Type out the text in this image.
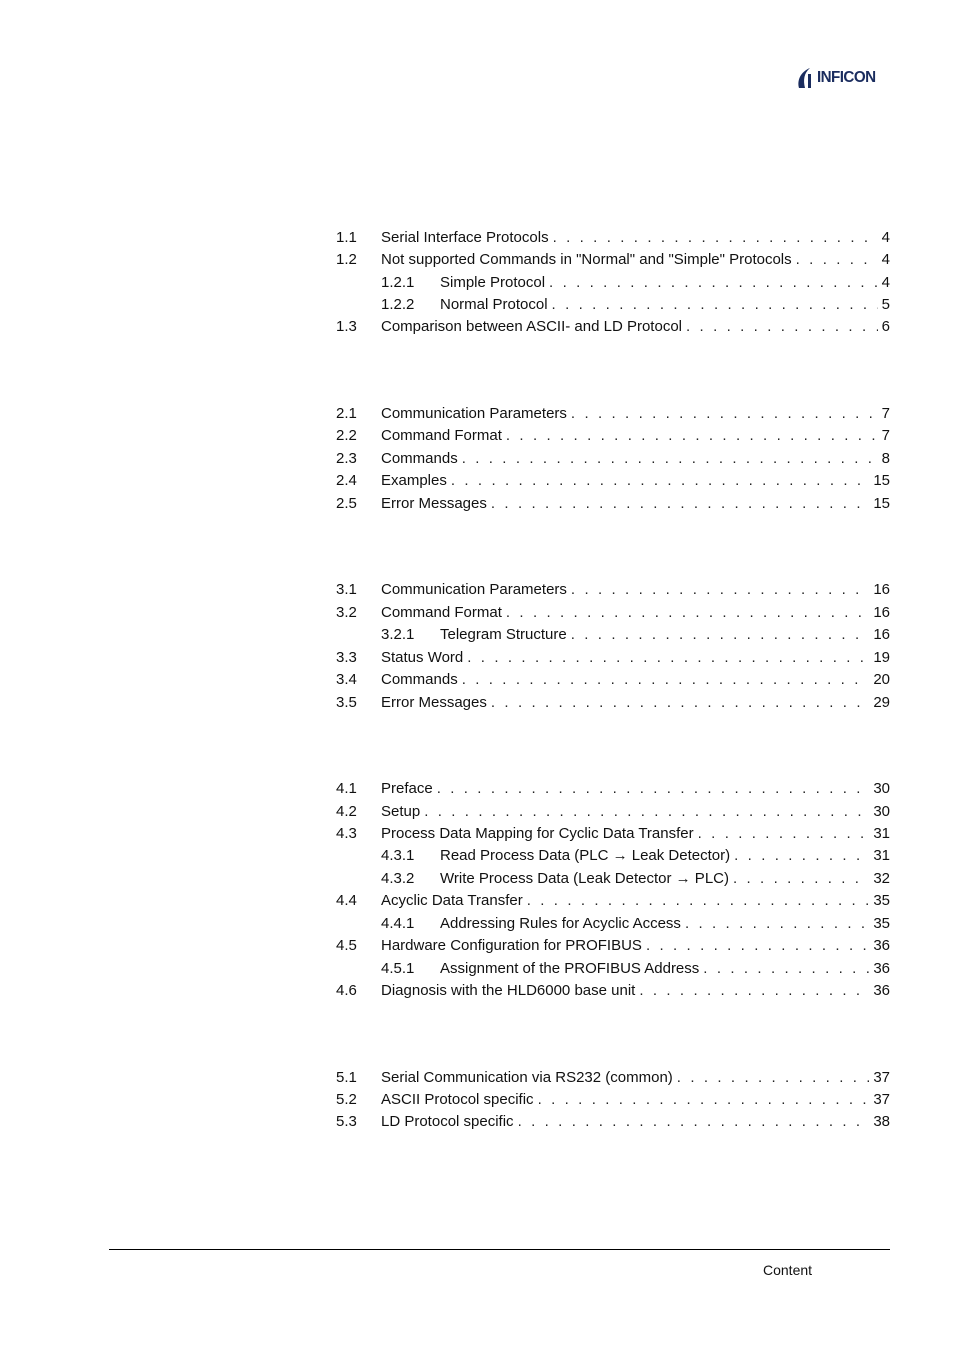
INFICON
1.1 Serial Interface Protocols . . .	4
1.2 Not supported Commands in "Normal" and "Simple" Protocols . . .	4
1.2.1 Simple Protocol . . .	4
1.2.2 Normal Protocol . . .	5
1.3 Comparison between ASCII- and LD Protocol . . .	6
2.1 Communication Parameters . . .	7
2.2 Command Format . . .	7
2.3 Commands . . .	8
2.4 Examples . . .	15
2.5 Error Messages . . .	15
3.1 Communication Parameters . . .	16
3.2 Command Format . . .	16
3.2.1 Telegram Structure . . .	16
3.3 Status Word . . .	19
3.4 Commands . . .	20
3.5 Error Messages . . .	29
4.1 Preface . . .	30
4.2 Setup . . .	30
4.3 Process Data Mapping for Cyclic Data Transfer . . .	31
4.3.1 Read Process Data (PLC → Leak Detector) . . .	31
4.3.2 Write Process Data (Leak Detector → PLC) . . .	32
4.4 Acyclic Data Transfer . . .	35
4.4.1 Addressing Rules for Acyclic Access . . .	35
4.5 Hardware Configuration for PROFIBUS . . .	36
4.5.1 Assignment of the PROFIBUS Address . . .	36
4.6 Diagnosis with the HLD6000 base unit . . .	36
5.1 Serial Communication via RS232 (common) . . .	37
5.2 ASCII Protocol specific . . .	37
5.3 LD Protocol specific . . .	38
Content
